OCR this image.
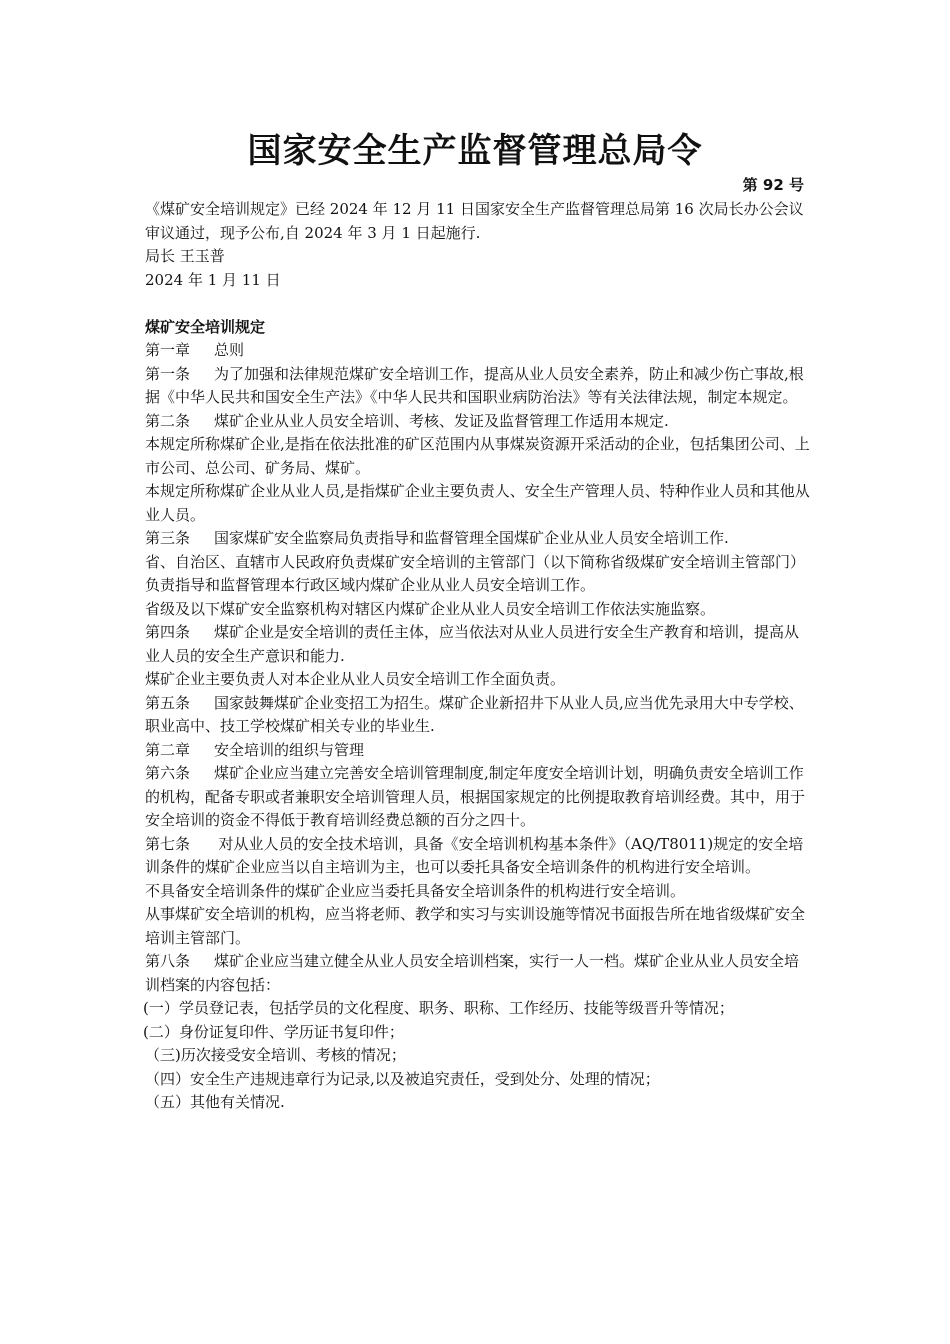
国家安全生产监督管理总局令
第 92 号

《煤矿安全培训规定》已经 2024 年 12 月 11 日国家安全生产监督管理总局第 16 次局长办公会议审议通过，现予公布,自 2024 年 3 月 1 日起施行.

局长 王玉普

2024 年 1 月 11 日

煤矿安全培训规定

第一章 总则

第一条 为了加强和法律规范煤矿安全培训工作，提高从业人员安全素养，防止和减少伤亡事故,根据《中华人民共和国安全生产法》《中华人民共和国职业病防治法》等有关法律法规，制定本规定。

第二条 煤矿企业从业人员安全培训、考核、发证及监督管理工作适用本规定.

本规定所称煤矿企业,是指在依法批准的矿区范围内从事煤炭资源开采活动的企业，包括集团公司、上市公司、总公司、矿务局、煤矿。

本规定所称煤矿企业从业人员,是指煤矿企业主要负责人、安全生产管理人员、特种作业人员和其他从业人员。

第三条 国家煤矿安全监察局负责指导和监督管理全国煤矿企业从业人员安全培训工作.

省、自治区、直辖市人民政府负责煤矿安全培训的主管部门（以下简称省级煤矿安全培训主管部门）负责指导和监督管理本行政区域内煤矿企业从业人员安全培训工作。

省级及以下煤矿安全监察机构对辖区内煤矿企业从业人员安全培训工作依法实施监察。

第四条 煤矿企业是安全培训的责任主体，应当依法对从业人员进行安全生产教育和培训，提高从业人员的安全生产意识和能力.

煤矿企业主要负责人对本企业从业人员安全培训工作全面负责。

第五条 国家鼓舞煤矿企业变招工为招生。煤矿企业新招井下从业人员,应当优先录用大中专学校、职业高中、技工学校煤矿相关专业的毕业生.

第二章 安全培训的组织与管理

第六条 煤矿企业应当建立完善安全培训管理制度,制定年度安全培训计划，明确负责安全培训工作的机构，配备专职或者兼职安全培训管理人员，根据国家规定的比例提取教育培训经费。其中，用于安全培训的资金不得低于教育培训经费总额的百分之四十。

第七条 对从业人员的安全技术培训，具备《安全培训机构基本条件》（AQ/T8011)规定的安全培训条件的煤矿企业应当以自主培训为主，也可以委托具备安全培训条件的机构进行安全培训。

不具备安全培训条件的煤矿企业应当委托具备安全培训条件的机构进行安全培训。

从事煤矿安全培训的机构，应当将老师、教学和实习与实训设施等情况书面报告所在地省级煤矿安全培训主管部门。

第八条 煤矿企业应当建立健全从业人员安全培训档案，实行一人一档。煤矿企业从业人员安全培训档案的内容包括：

(一）学员登记表，包括学员的文化程度、职务、职称、工作经历、技能等级晋升等情况；

(二）身份证复印件、学历证书复印件；

（三)历次接受安全培训、考核的情况；

（四）安全生产违规违章行为记录,以及被追究责任，受到处分、处理的情况；

（五）其他有关情况.
